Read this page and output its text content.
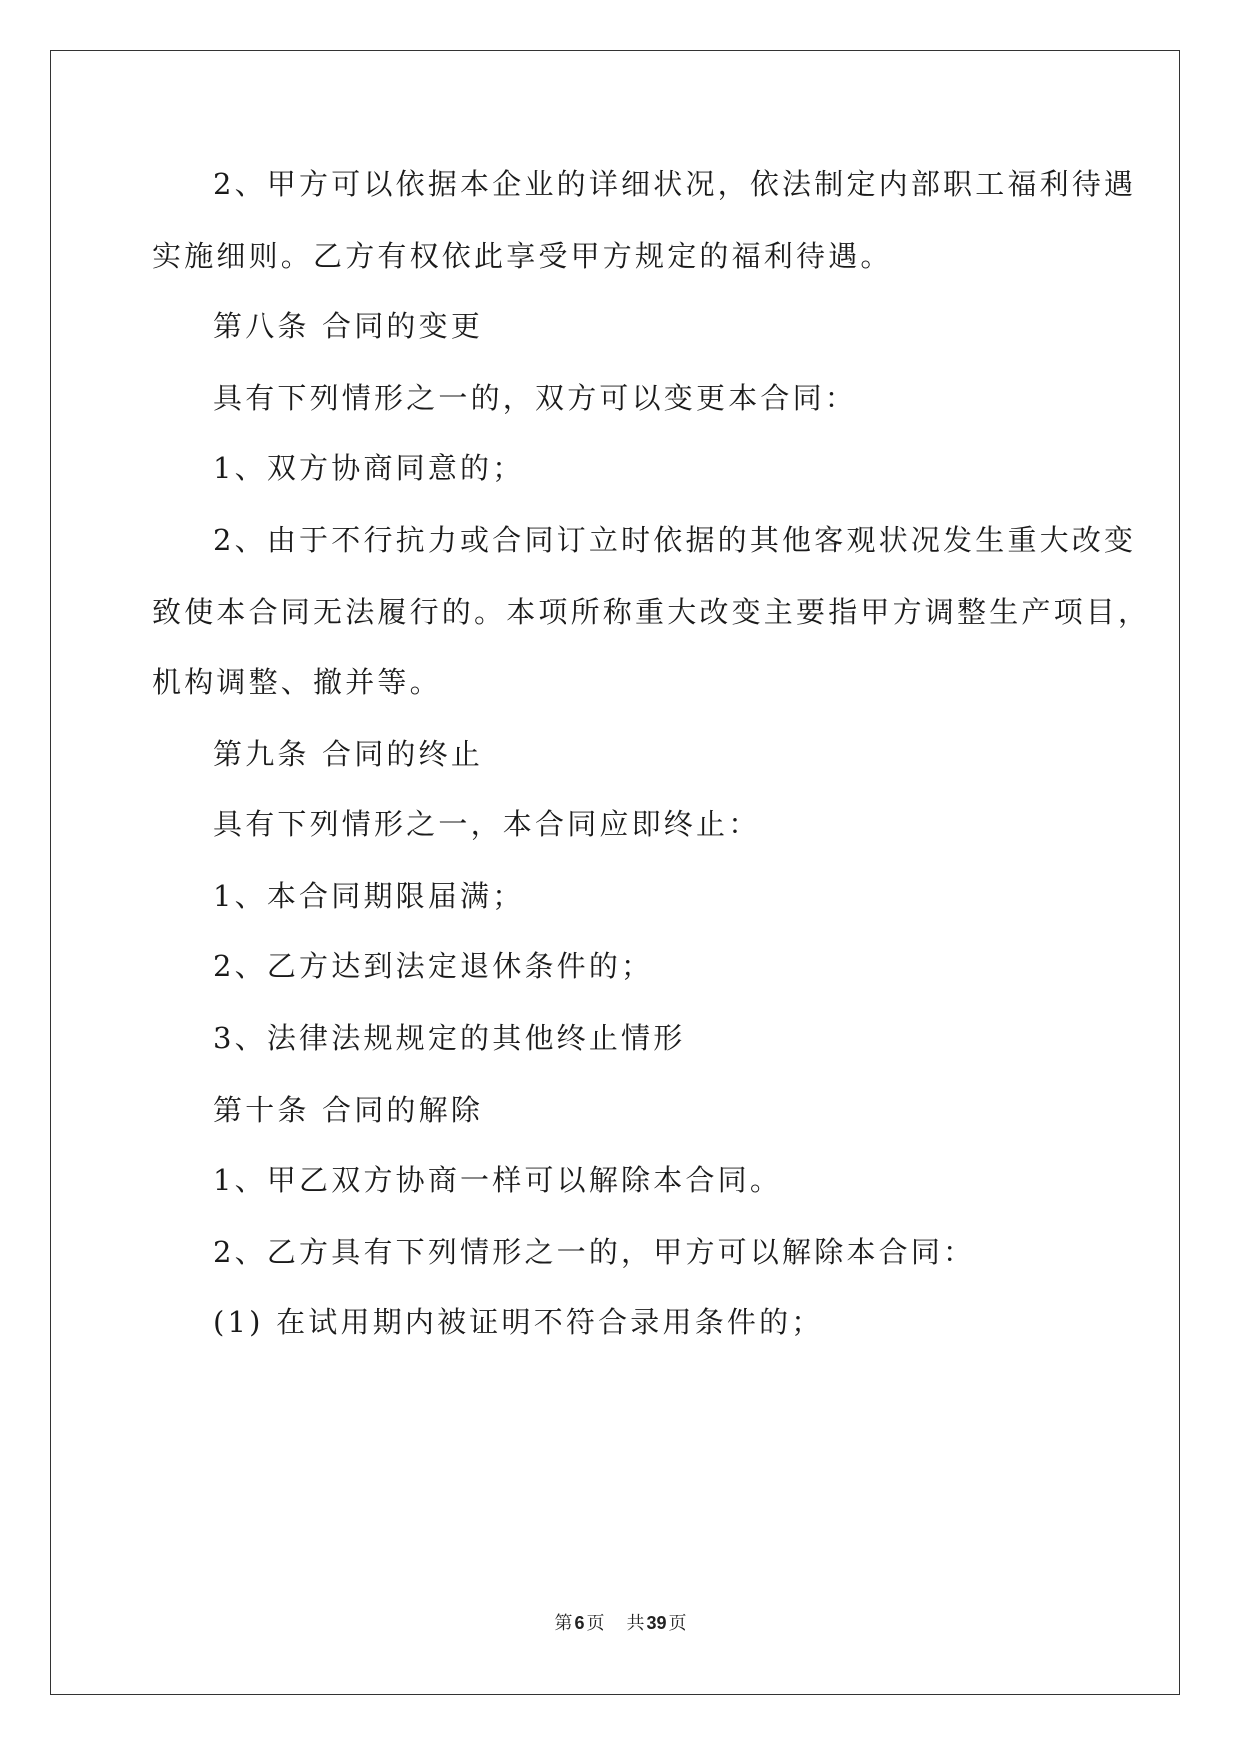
2、甲方可以依据本企业的详细状况，依法制定内部职工福利待遇

实施细则。乙方有权依此享受甲方规定的福利待遇。

第八条 合同的变更

具有下列情形之一的，双方可以变更本合同：

1、双方协商同意的；

2、由于不行抗力或合同订立时依据的其他客观状况发生重大改变

致使本合同无法履行的。本项所称重大改变主要指甲方调整生产项目，

机构调整、撤并等。

第九条 合同的终止

具有下列情形之一，本合同应即终止：

1、本合同期限届满；

2、乙方达到法定退休条件的；

3、法律法规规定的其他终止情形

第十条 合同的解除

1、甲乙双方协商一样可以解除本合同。

2、乙方具有下列情形之一的，甲方可以解除本合同：

(1) 在试用期内被证明不符合录用条件的；

第 6 页 共 39 页
